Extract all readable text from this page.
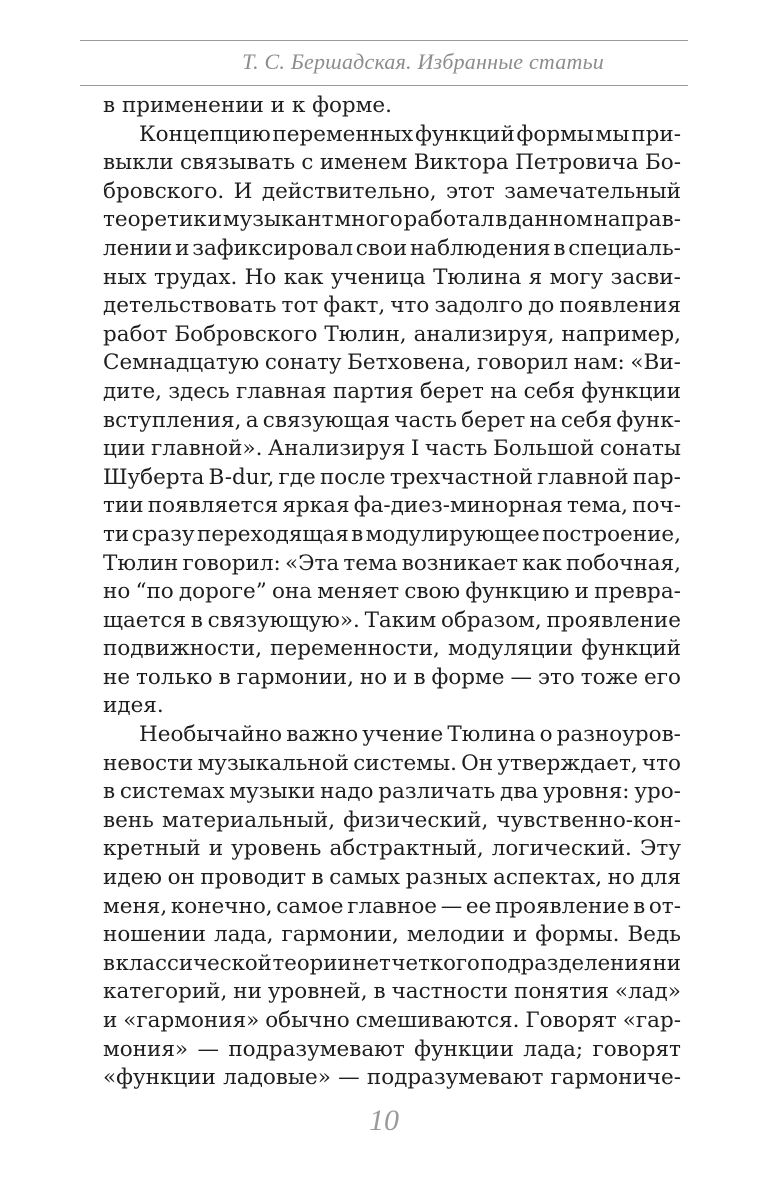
Т. С. Бершадская. Избранные статьи
в применении и к форме.
Концепцию переменных функций формы мы при-
выкли связывать с именем Виктора Петровича Бо-
бровского. И действительно, этот замечательный
теоретик и музыкант много работал в данном направ-
лении и зафиксировал свои наблюдения в специаль-
ных трудах. Но как ученица Тюлина я могу засви-
детельствовать тот факт, что задолго до появления
работ Бобровского Тюлин, анализируя, например,
Семнадцатую сонату Бетховена, говорил нам: «Ви-
дите, здесь главная партия берет на себя функции
вступления, а связующая часть берет на себя функ-
ции главной». Анализируя I часть Большой сонаты
Шуберта B-dur, где после трехчастной главной пар-
тии появляется яркая фа-диез-минорная тема, поч-
ти сразу переходящая в модулирующее построение,
Тюлин говорил: «Эта тема возникает как побочная,
но “по дороге” она меняет свою функцию и превра-
щается в связующую». Таким образом, проявление
подвижности, переменности, модуляции функций
не только в гармонии, но и в форме — это тоже его
идея.
Необычайно важно учение Тюлина о разноуров-
невости музыкальной системы. Он утверждает, что
в системах музыки надо различать два уровня: уро-
вень материальный, физический, чувственно-кон-
кретный и уровень абстрактный, логический. Эту
идею он проводит в самых разных аспектах, но для
меня, конечно, самое главное — ее проявление в от-
ношении лада, гармонии, мелодии и формы. Ведь
в классической теории нет четкого подразделения ни
категорий, ни уровней, в частности понятия «лад»
и «гармония» обычно смешиваются. Говорят «гар-
мония» — подразумевают функции лада; говорят
«функции ладовые» — подразумевают гармониче-
10
